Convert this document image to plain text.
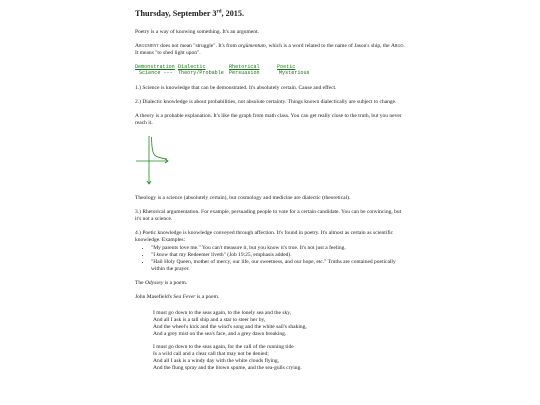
Thursday, September 3rd, 2015.

Poetry is a way of knowing something. It's an argument.

Argument does not mean "struggle". It's from argümentum, which is a word related to the name of Jason's ship, the Argo. It means "to shed light upon".

Demonstration Dialectic	Rhetorical	Poetic
Science ---	Theory/Probable	Persuasion	Mysterious

1.) Science is knowledge that can be demonstrated. It's absolutely certain. Cause and effect.

2.) Dialectic knowledge is about probabilities, not absolute certainty. Things known dialectically are subject to change.

A theory is a probable explanation. It's like the graph from math class. You can get really close to the truth, but you never reach it.

Theology is a science (absolutely certain), but cosmology and medicine are dialectic (theoretical).

3.) Rhetorical argumentation. For example, persuading people to vote for a certain candidate. You can be convincing, but it's not a science.

4.) Poetic knowledge is knowledge conveyed through affection. It's found in poetry. It's almost as certain as scientific knowledge. Examples:

• "My parents love me." You can't measure it, but you know it's true. It's not just a feeling.
• "I know that my Redeemer liveth" (Job 19:25, emphasis added).
• "Hail Holy Queen, mother of mercy, our life, our sweetness, and our hope, etc." Truths are contained poetically within the prayer.

The Odyssey is a poem.

John Masefield's Sea Fever is a poem.

I must go down to the seas again, to the lonely sea and the sky,
And all I ask is a tall ship and a star to steer her by,
And the wheel's kick and the wind's song and the white sail's shaking,
And a grey mist on the sea's face, and a grey dawn breaking.
I must go down to the seas again, for the call of the running tide
Is a wild call and a clear call that may not be denied;
And all I ask is a windy day with the white clouds flying,
And the flung spray and the blown spume, and the sea-gulls crying.
